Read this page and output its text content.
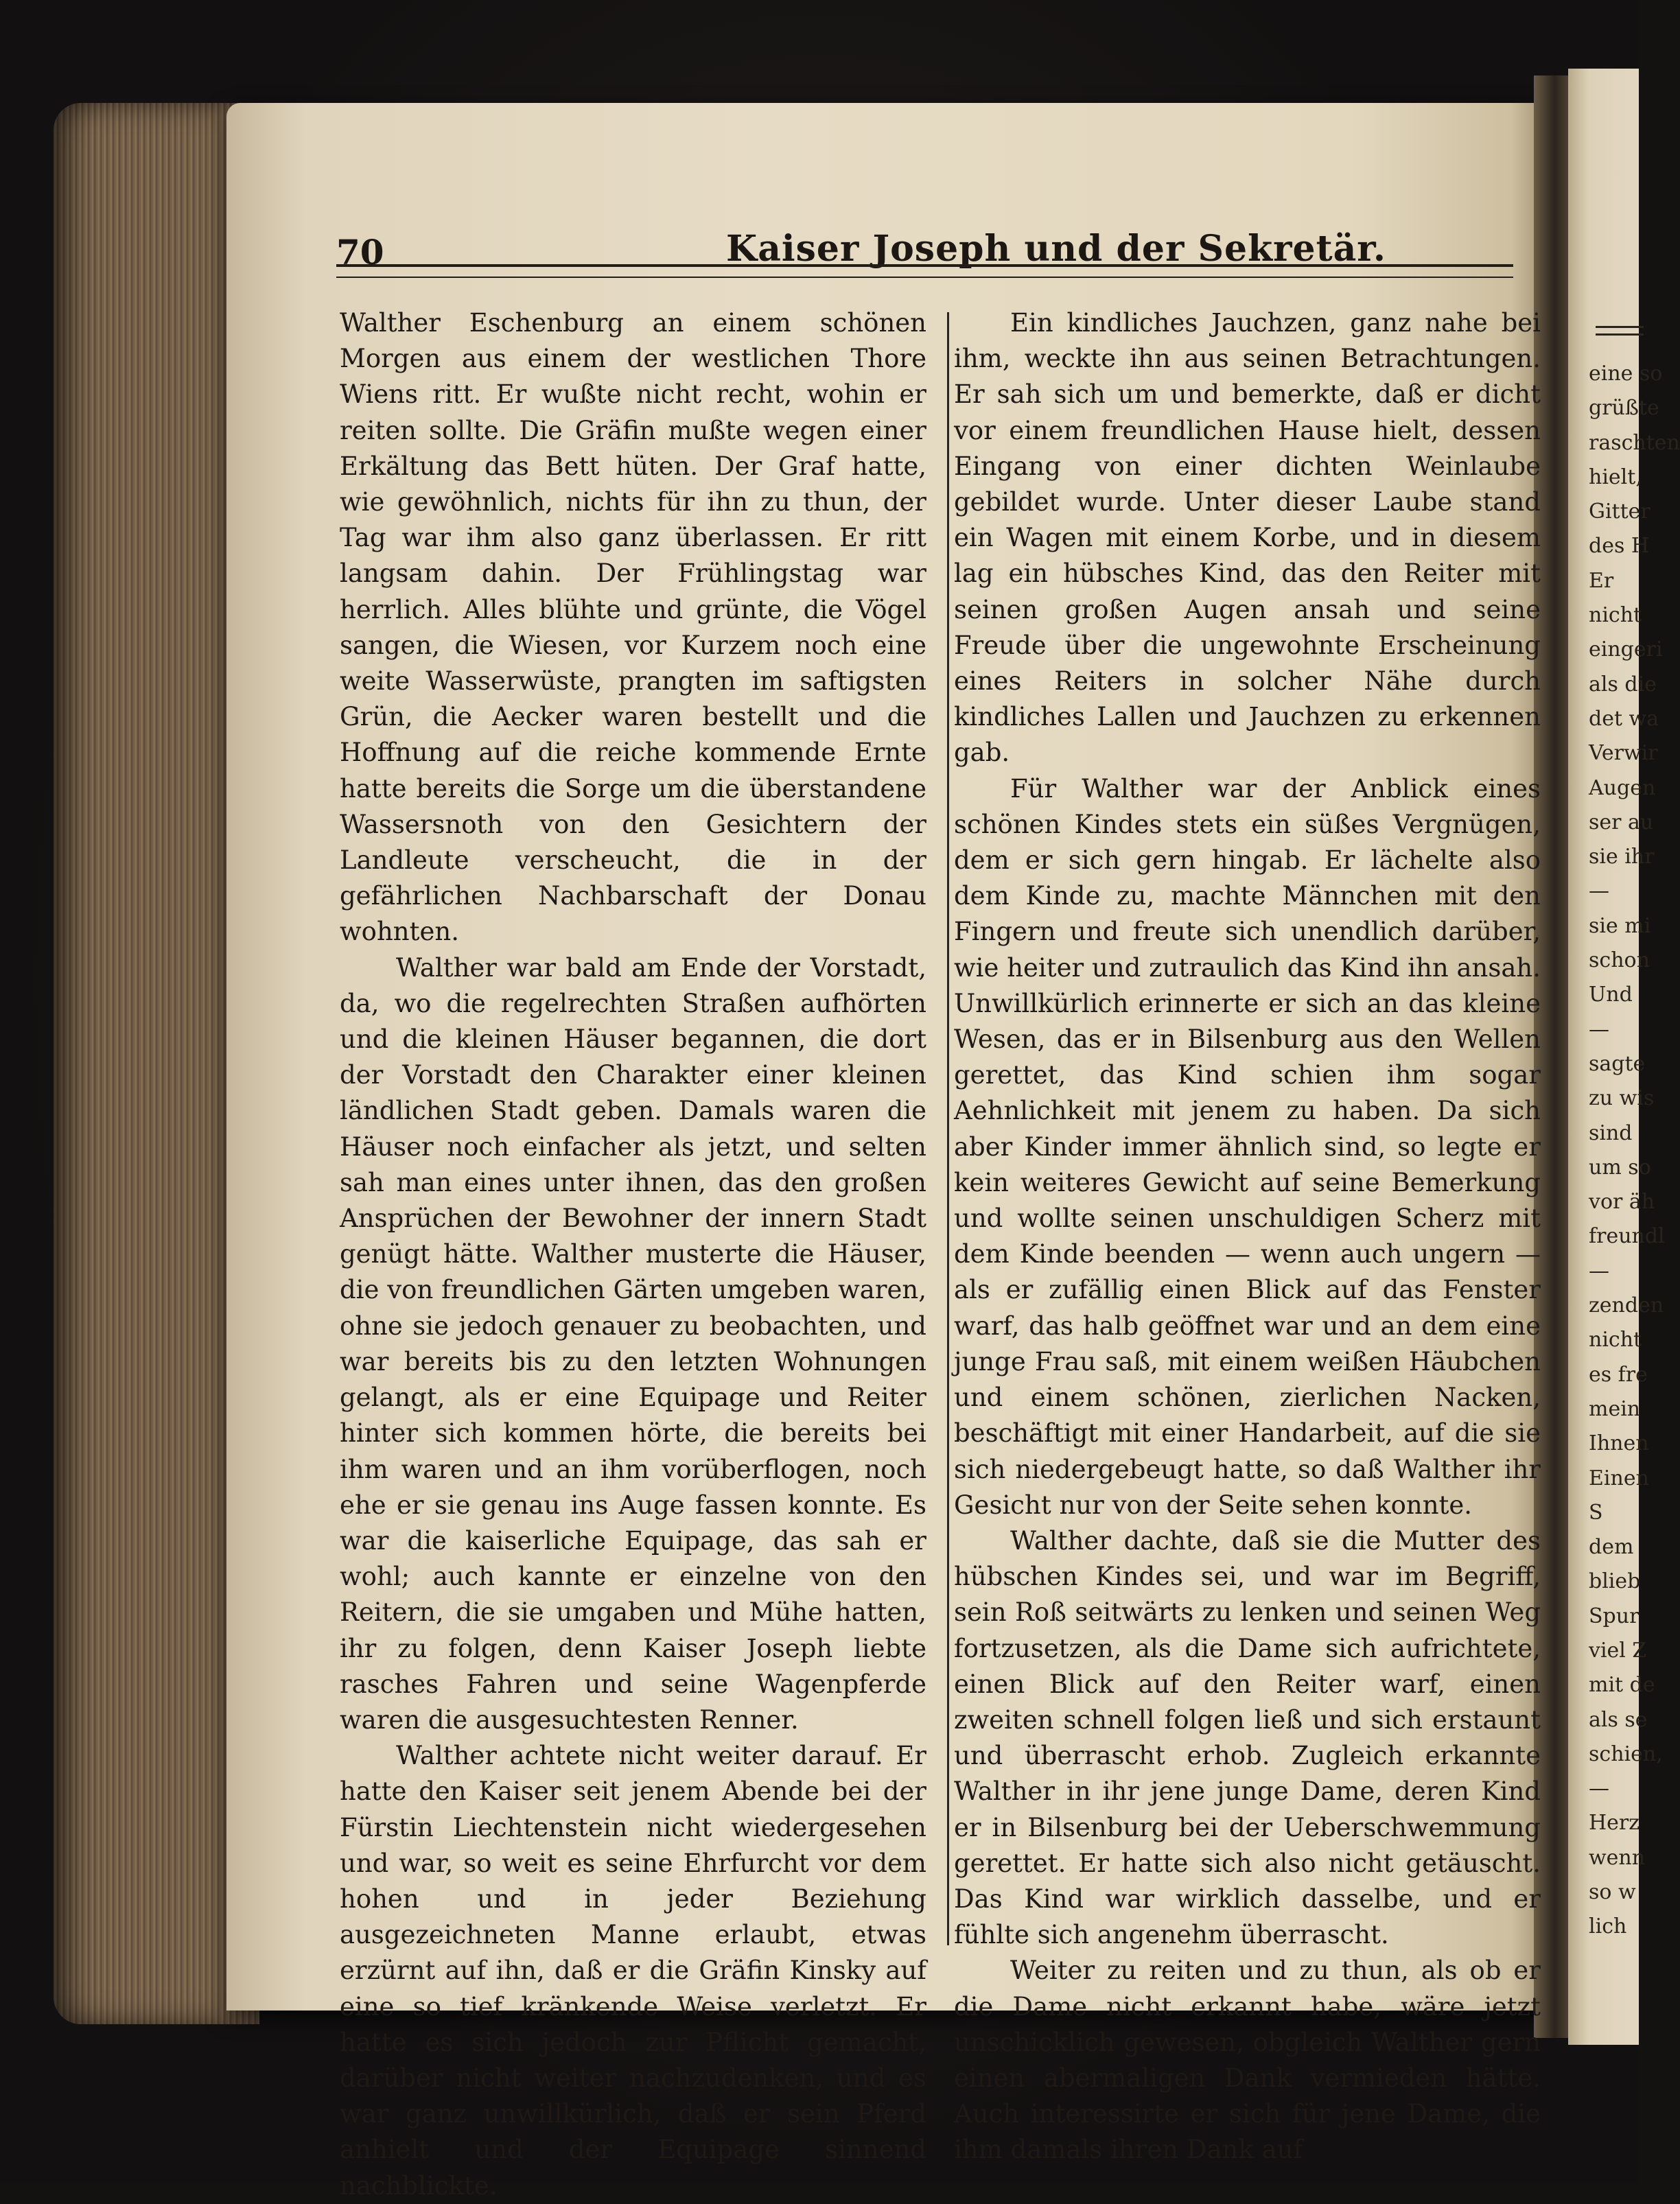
eine so
grüßte
raschten
hielt,
Gitter
des H
Er
nicht
eingeri
als die
det wa
Verwir
Augen
ser au
sie ihr
—
sie mi
schon
Und
—
sagte
zu wis
sind
um so
vor äh
freundl
—
zenden
nicht
es fre
mein
Ihnen
Einen
S
dem
blieb
Spur
viel Z
mit de
als se
schien,
—
Herz
wenn
so w
lich
70	Kaiser Joseph und der Sekretär.

Walther Eschenburg an einem schönen Morgen aus einem der westlichen Thore Wiens ritt. Er wußte nicht recht, wohin er reiten sollte. Die Gräfin mußte wegen einer Erkältung das Bett hüten. Der Graf hatte, wie gewöhnlich, nichts für ihn zu thun, der Tag war ihm also ganz überlassen. Er ritt langsam dahin. Der Frühlingstag war herrlich. Alles blühte und grünte, die Vögel sangen, die Wiesen, vor Kurzem noch eine weite Wasserwüste, prangten im saftigsten Grün, die Aecker waren bestellt und die Hoffnung auf die reiche kommende Ernte hatte bereits die Sorge um die überstandene Wassersnoth von den Gesichtern der Landleute verscheucht, die in der gefährlichen Nachbarschaft der Donau wohnten.

Walther war bald am Ende der Vorstadt, da, wo die regelrechten Straßen aufhörten und die kleinen Häuser begannen, die dort der Vorstadt den Charakter einer kleinen ländlichen Stadt geben. Damals waren die Häuser noch einfacher als jetzt, und selten sah man eines unter ihnen, das den großen Ansprüchen der Bewohner der innern Stadt genügt hätte. Walther musterte die Häuser, die von freundlichen Gärten umgeben waren, ohne sie jedoch genauer zu beobachten, und war bereits bis zu den letzten Wohnungen gelangt, als er eine Equipage und Reiter hinter sich kommen hörte, die bereits bei ihm waren und an ihm vorüberflogen, noch ehe er sie genau ins Auge fassen konnte. Es war die kaiserliche Equipage, das sah er wohl; auch kannte er einzelne von den Reitern, die sie umgaben und Mühe hatten, ihr zu folgen, denn Kaiser Joseph liebte rasches Fahren und seine Wagenpferde waren die ausgesuchtesten Renner.

Walther achtete nicht weiter darauf. Er hatte den Kaiser seit jenem Abende bei der Fürstin Liechtenstein nicht wiedergesehen und war, so weit es seine Ehrfurcht vor dem hohen und in jeder Beziehung ausgezeichneten Manne erlaubt, etwas erzürnt auf ihn, daß er die Gräfin Kinsky auf eine so tief kränkende Weise verletzt. Er hatte es sich jedoch zur Pflicht gemacht, darüber nicht weiter nachzudenken, und es war ganz unwillkürlich, daß er sein Pferd anhielt und der Equipage sinnend nachblickte.

Ein kindliches Jauchzen, ganz nahe bei ihm, weckte ihn aus seinen Betrachtungen. Er sah sich um und bemerkte, daß er dicht vor einem freundlichen Hause hielt, dessen Eingang von einer dichten Weinlaube gebildet wurde. Unter dieser Laube stand ein Wagen mit einem Korbe, und in diesem lag ein hübsches Kind, das den Reiter mit seinen großen Augen ansah und seine Freude über die ungewohnte Erscheinung eines Reiters in solcher Nähe durch kindliches Lallen und Jauchzen zu erkennen gab.

Für Walther war der Anblick eines schönen Kindes stets ein süßes Vergnügen, dem er sich gern hingab. Er lächelte also dem Kinde zu, machte Männchen mit den Fingern und freute sich unendlich darüber, wie heiter und zutraulich das Kind ihn ansah. Unwillkürlich erinnerte er sich an das kleine Wesen, das er in Bilsenburg aus den Wellen gerettet, das Kind schien ihm sogar Aehnlichkeit mit jenem zu haben. Da sich aber Kinder immer ähnlich sind, so legte er kein weiteres Gewicht auf seine Bemerkung und wollte seinen unschuldigen Scherz mit dem Kinde beenden — wenn auch ungern — als er zufällig einen Blick auf das Fenster warf, das halb geöffnet war und an dem eine junge Frau saß, mit einem weißen Häubchen und einem schönen, zierlichen Nacken, beschäftigt mit einer Handarbeit, auf die sie sich niedergebeugt hatte, so daß Walther ihr Gesicht nur von der Seite sehen konnte.

Walther dachte, daß sie die Mutter des hübschen Kindes sei, und war im Begriff, sein Roß seitwärts zu lenken und seinen Weg fortzusetzen, als die Dame sich aufrichtete, einen Blick auf den Reiter warf, einen zweiten schnell folgen ließ und sich erstaunt und überrascht erhob. Zugleich erkannte Walther in ihr jene junge Dame, deren Kind er in Bilsenburg bei der Ueberschwemmung gerettet. Er hatte sich also nicht getäuscht. Das Kind war wirklich dasselbe, und er fühlte sich angenehm überrascht.

Weiter zu reiten und zu thun, als ob er die Dame nicht erkannt habe, wäre jetzt unschicklich gewesen, obgleich Walther gern einen abermaligen Dank vermieden hätte. Auch interessirte er sich für jene Dame, die ihm damals ihren Dank auf
